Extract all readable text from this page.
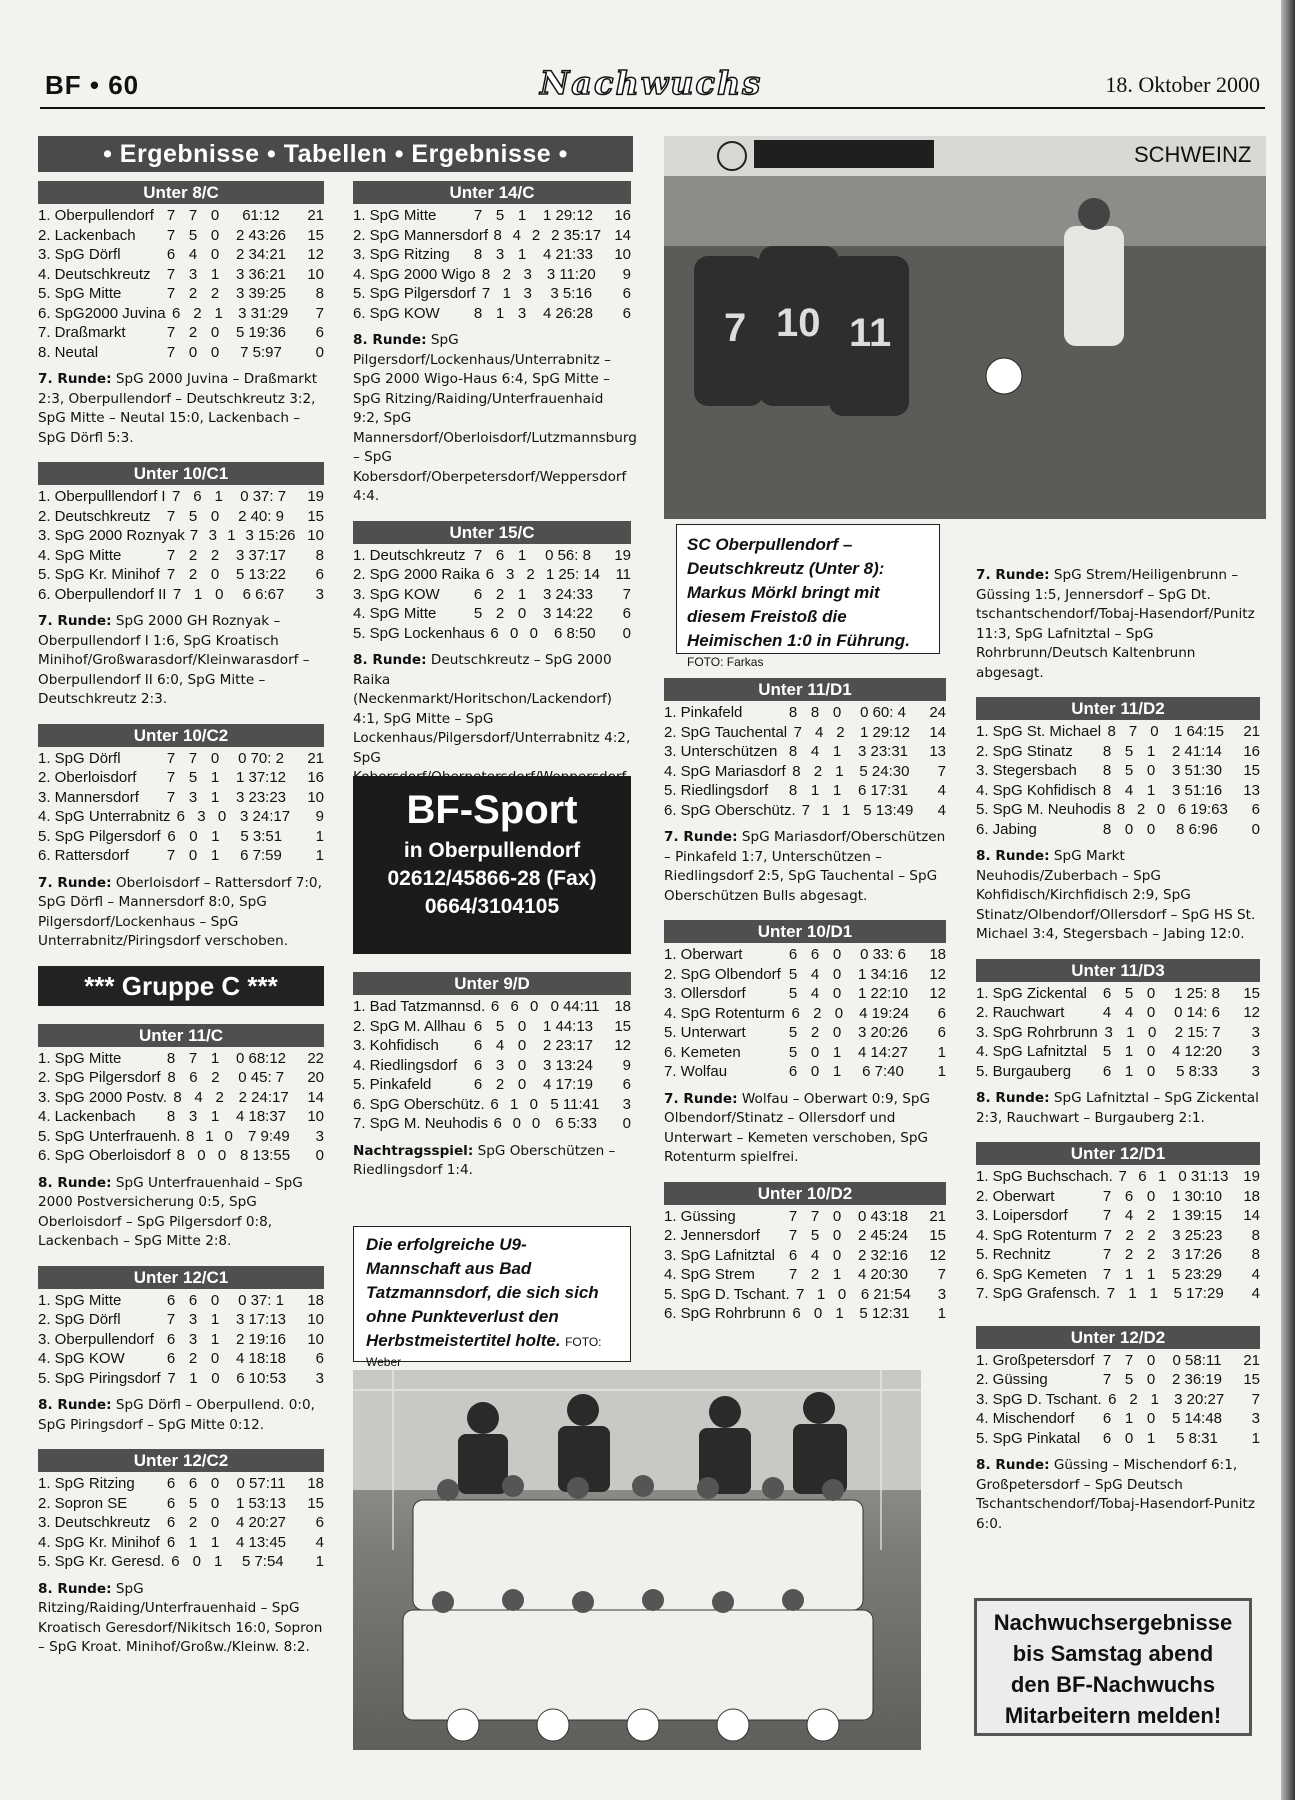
BF • 60	Nachwuchs	18. Oktober 2000
• Ergebnisse • Tabellen • Ergebnisse •
Unter 8/C
1. Oberpullendorf 7 7 0	61:12	21
2. Lackenbach	7 5 0	2 43:26	15
3. SpG Dörfl	6 4 0	2 34:21	12
4. Deutschkreutz	7 3 1	3 36:21	10
5. SpG Mitte	7 2 2	3 39:25	8
6. SpG2000 Juvina 6 2 1	3 31:29	7
7. Draßmarkt	7 2 0	5 19:36	6
8. Neutal	7 0 0	7 5:97	0
7. Runde: SpG 2000 Juvina – Draßmarkt 2:3, Oberpullendorf – Deutschkreutz 3:2, SpG Mitte – Neutal 15:0, Lackenbach – SpG Dörfl 5:3.
Unter 10/C1
1. Oberpulllendorf I 7 6 1	0 37: 7	19
2. Deutschkreutz	7 5 0	2 40: 9	15
3. SpG 2000 Roznyak 7 3 1 3 15:26 10
4. SpG Mitte	7 2 2	3 37:17	8
5. SpG Kr. Minihof 7 2 0	5 13:22	6
6. Oberpullendorf II 7 1 0	6 6:67	3
7. Runde: SpG 2000 GH Roznyak – Oberpullendorf I 1:6, SpG Kroatisch Minihof/Großwarasdorf/Kleinwarasdorf – Oberpullendorf II 6:0, SpG Mitte – Deutschkreutz 2:3.
Unter 10/C2
1. SpG Dörfl	7 7 0	0 70: 2	21
2. Oberloisdorf	7 5 1	1 37:12	16
3. Mannersdorf	7 3 1	3 23:23	10
4. SpG Unterrabnitz 6 3 0 3 24:17	9
5. SpG Pilgersdorf 6 0 1	5 3:51	1
6. Rattersdorf	7 0 1	6 7:59	1
7. Runde: Oberloisdorf – Rattersdorf 7:0, SpG Dörfl – Mannersdorf 8:0, SpG Pilgersdorf/Lockenhaus – SpG Unterrabnitz/Piringsdorf verschoben.
*** Gruppe C ***
Unter 11/C
1. SpG Mitte	8 7 1	0 68:12	22
2. SpG Pilgersdorf 8 6 2	0 45: 7	20
3. SpG 2000 Postv. 8 4 2 2 24:17	14
4. Lackenbach	8 3 1	4 18:37	10
5. SpG Unterfrauenh. 8 1 0	7 9:49	3
6. SpG Oberloisdorf 8 0 0 8 13:55	0
8. Runde: SpG Unterfrauenhaid – SpG 2000 Postversicherung 0:5, SpG Oberloisdorf – SpG Pilgersdorf 0:8, Lackenbach – SpG Mitte 2:8.
Unter 12/C1
1. SpG Mitte	6 6 0	0 37: 1	18
2. SpG Dörfl	7 3 1	3 17:13	10
3. Oberpullendorf 6 3 1	2 19:16	10
4. SpG KOW	6 2 0	4 18:18	6
5. SpG Piringsdorf 7 1 0	6 10:53	3
8. Runde: SpG Dörfl – Oberpullend. 0:0, SpG Piringsdorf – SpG Mitte 0:12.
Unter 12/C2
1. SpG Ritzing	6 6 0	0 57:11	18
2. Sopron SE	6 5 0	1 53:13	15
3. Deutschkreutz	6 2 0	4 20:27	6
4. SpG Kr. Minihof 6 1 1	4 13:45	4
5. SpG Kr. Geresd. 6 0 1	5 7:54	1
8. Runde: SpG Ritzing/Raiding/Unterfrauenhaid – SpG Kroatisch Geresdorf/Nikitsch 16:0, Sopron – SpG Kroat. Minihof/Großw./Kleinw. 8:2.
Unter 14/C
1. SpG Mitte	7 5 1	1 29:12	16
2. SpG Mannersdorf 8 4 2 2 35:17 14
3. SpG Ritzing	8 3 1	4 21:33	10
4. SpG 2000 Wigo 8 2 3 3 11:20	9
5. SpG Pilgersdorf 7 1 3	3 5:16	6
6. SpG KOW	8 1 3	4 26:28	6
8. Runde: SpG Pilgersdorf/Lockenhaus/Unterrabnitz – SpG 2000 Wigo-Haus 6:4, SpG Mitte – SpG Ritzing/Raiding/Unterfrauenhaid 9:2, SpG Mannersdorf/Oberloisdorf/Lutzmannsburg – SpG Kobersdorf/Oberpetersdorf/Weppersdorf 4:4.
Unter 15/C
1. Deutschkreutz 7 6 1	0 56: 8	19
2. SpG 2000 Raika 6 3 2 1 25: 14	11
3. SpG KOW	6 2 1	3 24:33	7
4. SpG Mitte	5 2 0	3 14:22	6
5. SpG Lockenhaus 6 0 0	6 8:50	0
8. Runde: Deutschkreutz – SpG 2000 Raika (Neckenmarkt/Horitschon/Lackendorf) 4:1, SpG Mitte – SpG Lockenhaus/Pilgersdorf/Unterrabnitz 4:2, SpG
BF-Sport
in Oberpullendorf
02612/45866-28 (Fax)
0664/3104105
Unter 9/D
1. Bad Tatzmannsd. 6 6 0 0 44:11 18
2. SpG M. Allhau 6 5 0	1 44:13	15
3. Kohfidisch	6 4 0	2 23:17	12
4. Riedlingsdorf	6 3 0	3 13:24	9
5. Pinkafeld	6 2 0	4 17:19	6
6. SpG Oberschütz. 6 1 0 5 11:41	3
7. SpG M. Neuhodis 6 0 0	6 5:33	0
Nachtragsspiel: SpG Oberschützen – Riedlingsdorf 1:4.
Die erfolgreiche U9-Mannschaft aus Bad Tatzmannsdorf, die sich sich ohne Punkteverlust den Herbstmeistertitel holte. FOTO: Weber
SCHWEINZ
7 10 11
SC Oberpullendorf – Deutschkreutz (Unter 8): Markus Mörkl bringt mit diesem Freistoß die Heimischen 1:0 in Führung. FOTO: Farkas
Unter 11/D1
1. Pinkafeld	8 8 0	0 60: 4	24
2. SpG Tauchental 7 4 2	1 29:12	14
3. Unterschützen 8 4 1	3 23:31	13
4. SpG Mariasdorf 8 2 1	5 24:30	7
5. Riedlingsdorf	8 1 1	6 17:31	4
6. SpG Oberschütz. 7 1 1 5 13:49	4
7. Runde: SpG Mariasdorf/Oberschützen – Pinkafeld 1:7, Unterschützen – Riedlingsdorf 2:5, SpG Tauchental – SpG Oberschützen Bulls abgesagt.
Unter 10/D1
1. Oberwart	6 6 0	0 33: 6	18
2. SpG Olbendorf 5 4 0	1 34:16	12
3. Ollersdorf	5 4 0	1 22:10	12
4. SpG Rotenturm 6 2 0	4 19:24	6
5. Unterwart	5 2 0	3 20:26	6
6. Kemeten	5 0 1	4 14:27	1
7. Wolfau	6 0 1	6 7:40	1
7. Runde: Wolfau – Oberwart 0:9, SpG Olbendorf/Stinatz – Ollersdorf und Unterwart – Kemeten verschoben, SpG Rotenturm spielfrei.
Unter 10/D2
1. Güssing	7 7 0	0 43:18	21
2. Jennersdorf	7 5 0	2 45:24	15
3. SpG Lafnitztal 6 4 0	2 32:16	12
4. SpG Strem	7 2 1	4 20:30	7
5. SpG D. Tschant. 7 1 0 6 21:54	3
6. SpG Rohrbrunn 6 0 1	5 12:31	1
7. Runde: SpG Strem/Heiligenbrunn – Güssing 1:5, Jennersdorf – SpG Dt. tschantschendorf/Tobaj-Hasendorf/Punitz 11:3, SpG Lafnitztal – SpG Rohrbrunn/Deutsch Kaltenbrunn abgesagt.
Unter 11/D2
1. SpG St. Michael 8 7 0	1 64:15	21
2. SpG Stinatz	8 5 1	2 41:14	16
3. Stegersbach	8 5 0	3 51:30	15
4. SpG Kohfidisch 8 4 1	3 51:16	13
5. SpG M. Neuhodis 8 2 0 6 19:63	6
6. Jabing	8 0 0	8 6:96	0
8. Runde: SpG Markt Neuhodis/Zuberbach – SpG Kohfidisch/Kirchfidisch 2:9, SpG Stinatz/Olbendorf/Ollersdorf – SpG HS St. Michael 3:4, Stegersbach – Jabing 12:0.
Unter 11/D3
1. SpG Zickental	6 5 0	1 25: 8	15
2. Rauchwart	4 4 0	0 14: 6	12
3. SpG Rohrbrunn 3 1 0	2 15: 7	3
4. SpG Lafnitztal	5 1 0	4 12:20	3
5. Burgauberg	6 1 0	5 8:33	3
8. Runde: SpG Lafnitztal – SpG Zickental 2:3, Rauchwart – Burgauberg 2:1.
Unter 12/D1
1. SpG Buchschach. 7 6 1 0 31:13 19
2. Oberwart	7 6 0	1 30:10	18
3. Loipersdorf	7 4 2	1 39:15	14
4. SpG Rotenturm 7 2 2	3 25:23	8
5. Rechnitz	7 2 2	3 17:26	8
6. SpG Kemeten	7 1 1	5 23:29	4
7. SpG Grafensch. 7 1 1	5 17:29	4
Unter 12/D2
1. Großpetersdorf 7 7 0	0 58:11	21
2. Güssing	7 5 0	2 36:19	15
3. SpG D. Tschant. 6 2 1	3 20:27	7
4. Mischendorf	6 1 0	5 14:48	3
5. SpG Pinkatal	6 0 1	5 8:31	1
8. Runde: Güssing – Mischendorf 6:1, Großpetersdorf – SpG Deutsch Tschantschendorf/Tobaj-Hasendorf-Punitz 6:0.
Nachwuchsergebnisse
bis Samstag abend
den BF-Nachwuchs
Mitarbeitern melden!
